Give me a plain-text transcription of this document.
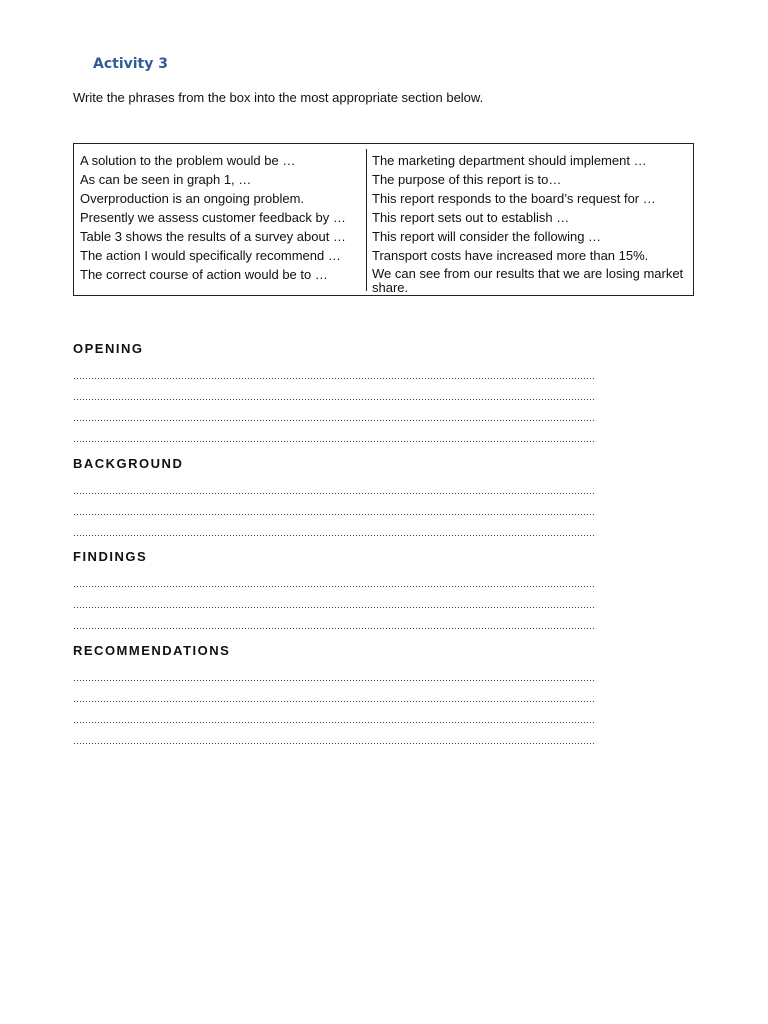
Activity 3
Write the phrases from the box into the most appropriate section below.
A solution to the problem would be …
As can be seen in graph 1, …
Overproduction is an ongoing problem.
Presently we assess customer feedback by …
Table 3 shows the results of a survey about …
The action I would specifically recommend …
The correct course of action would be to …
The marketing department should implement …
The purpose of this report is to…
This report responds to the board’s request for …
This report sets out to establish …
This report will consider the following …
Transport costs have increased more than 15%.
We can see from our results that we are losing market share.
OPENING
BACKGROUND
FINDINGS
RECOMMENDATIONS
